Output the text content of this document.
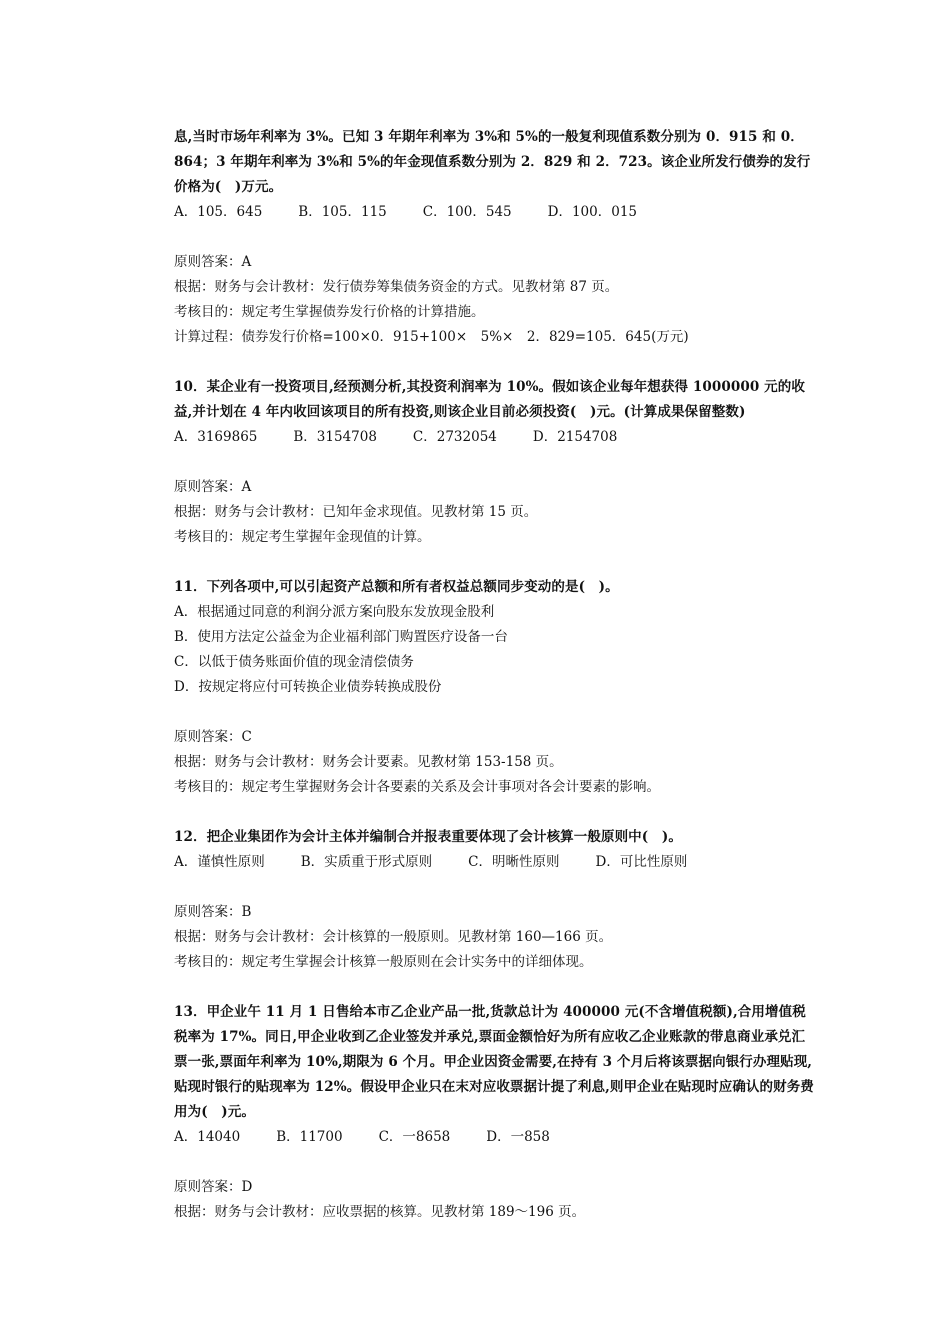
息,当时市场年利率为 3%。已知 3 年期年利率为 3%和 5%的一般复利现值系数分别为 0．915 和 0．864；3 年期年利率为 3%和 5%的年金现值系数分别为 2．829 和 2．723。该企业所发行债券的发行价格为(　)万元。

A．105．645	B．105．115	C．100．545	D．100．015

原则答案：A

根据：财务与会计教材：发行债券筹集债务资金的方式。见教材第 87 页。

考核目的：规定考生掌握债券发行价格的计算措施。

计算过程：债券发行价格=100×0．915+100×　5%×　2．829=105．645(万元)

10．某企业有一投资项目,经预测分析,其投资利润率为 10%。假如该企业每年想获得 1000000 元的收益,并计划在 4 年内收回该项目的所有投资,则该企业目前必须投资(　)元。(计算成果保留整数)

A．3169865	B．3154708	C．2732054	D．2154708

原则答案：A

根据：财务与会计教材：已知年金求现值。见教材第 15 页。

考核目的：规定考生掌握年金现值的计算。

11．下列各项中,可以引起资产总额和所有者权益总额同步变动的是(　)。

A．根据通过同意的利润分派方案向股东发放现金股利

B．使用方法定公益金为企业福利部门购置医疗设备一台

C．以低于债务账面价值的现金清偿债务

D．按规定将应付可转换企业债券转换成股份

原则答案：C

根据：财务与会计教材：财务会计要素。见教材第 153-158 页。

考核目的：规定考生掌握财务会计各要素的关系及会计事项对各会计要素的影响。

12．把企业集团作为会计主体并编制合并报表重要体现了会计核算一般原则中(　)。

A．谨慎性原则	B．实质重于形式原则	C．明晰性原则	D．可比性原则

原则答案：B

根据：财务与会计教材：会计核算的一般原则。见教材第 160—166 页。

考核目的：规定考生掌握会计核算一般原则在会计实务中的详细体现。

13．甲企业午 11 月 1 日售给本市乙企业产品一批,货款总计为 400000 元(不含增值税额),合用增值税税率为 17%。同日,甲企业收到乙企业签发并承兑,票面金额恰好为所有应收乙企业账款的带息商业承兑汇票一张,票面年利率为 10%,期限为 6 个月。甲企业因资金需要,在持有 3 个月后将该票据向银行办理贴现,贴现时银行的贴现率为 12%。假设甲企业只在末对应收票据计提了利息,则甲企业在贴现时应确认的财务费用为(　)元。

A．14040	B．11700	C．一8658	D．一858

原则答案：D

根据：财务与会计教材：应收票据的核算。见教材第 189～196 页。
